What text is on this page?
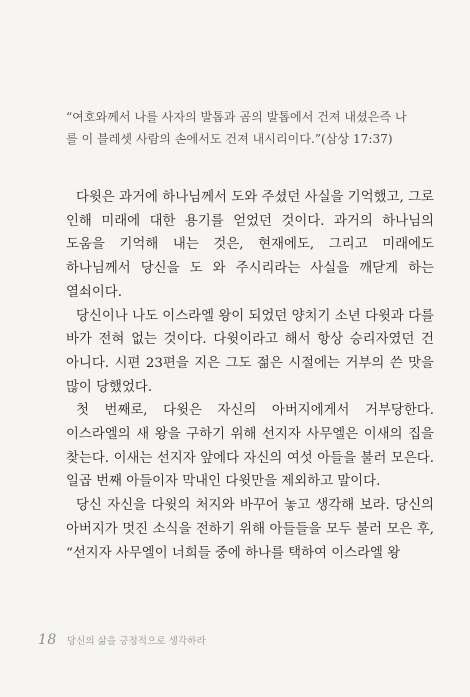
“여호와께서 나를 사자의 발톱과 곰의 발톱에서 건져 내셨은즉 나

를 이 블레셋 사람의 손에서도 건져 내시리이다.”(삼상 17:37)

다윗은 과거에 하나님께서 도와 주셨던 사실을 기억했고, 그로 인해 미래에 대한 용기를 얻었던 것이다. 과거의 하나님의 도움을 기억해 내는 것은, 현재에도, 그리고 미래에도 하나님께서 당신을 도 와 주시리라는 사실을 깨닫게 하는 열쇠이다.

당신이나 나도 이스라엘 왕이 되었던 양치기 소년 다윗과 다를 바가 전혀 없는 것이다. 다윗이라고 해서 항상 승리자였던 건 아니다. 시편 23편을 지은 그도 젊은 시절에는 거부의 쓴 맛을 많이 당했었다.

첫 번째로, 다윗은 자신의 아버지에게서 거부당한다. 이스라엘의 새 왕을 구하기 위해 선지자 사무엘은 이새의 집을 찾는다. 이새는 선지자 앞에다 자신의 여섯 아들을 불러 모은다. 일곱 번째 아들이자 막내인 다윗만을 제외하고 말이다.

당신 자신을 다윗의 처지와 바꾸어 놓고 생각해 보라. 당신의 아버지가 멋진 소식을 전하기 위해 아들들을 모두 불러 모은 후, “선지자 사무엘이 너희들 중에 하나를 택하여 이스라엘 왕

18 당신의 삶을 긍정적으로 생각하라
